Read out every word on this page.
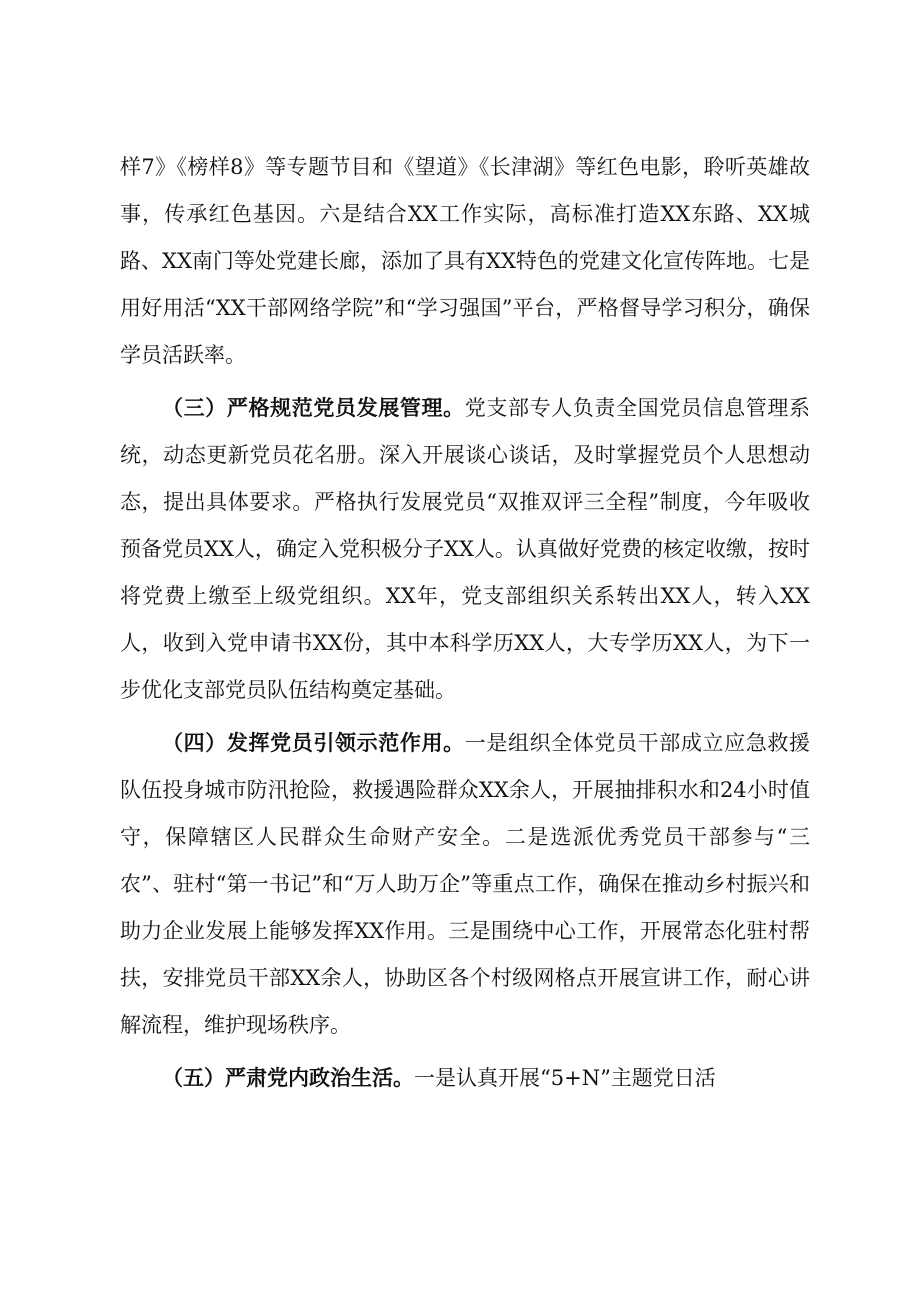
样7》《榜样8》等专题节目和《望道》《长津湖》等红色电影，聆听英雄故事，传承红色基因。六是结合XX工作实际，高标准打造XX东路、XX城路、XX南门等处党建长廊，添加了具有XX特色的党建文化宣传阵地。七是用好用活“XX干部网络学院”和“学习强国”平台，严格督导学习积分，确保学员活跃率。

（三）严格规范党员发展管理。党支部专人负责全国党员信息管理系统，动态更新党员花名册。深入开展谈心谈话，及时掌握党员个人思想动态，提出具体要求。严格执行发展党员“双推双评三全程”制度，今年吸收预备党员XX人，确定入党积极分子XX人。认真做好党费的核定收缴，按时将党费上缴至上级党组织。XX年，党支部组织关系转出XX人，转入XX人，收到入党申请书XX份，其中本科学历XX人，大专学历XX人，为下一步优化支部党员队伍结构奠定基础。

（四）发挥党员引领示范作用。一是组织全体党员干部成立应急救援队伍投身城市防汛抢险，救援遇险群众XX余人，开展抽排积水和24小时值守，保障辖区人民群众生命财产安全。二是选派优秀党员干部参与“三农”、驻村“第一书记”和“万人助万企”等重点工作，确保在推动乡村振兴和助力企业发展上能够发挥XX作用。三是围绕中心工作，开展常态化驻村帮扶，安排党员干部XX余人，协助区各个村级网格点开展宣讲工作，耐心讲解流程，维护现场秩序。

（五）严肃党内政治生活。一是认真开展“5+N”主题党日活
